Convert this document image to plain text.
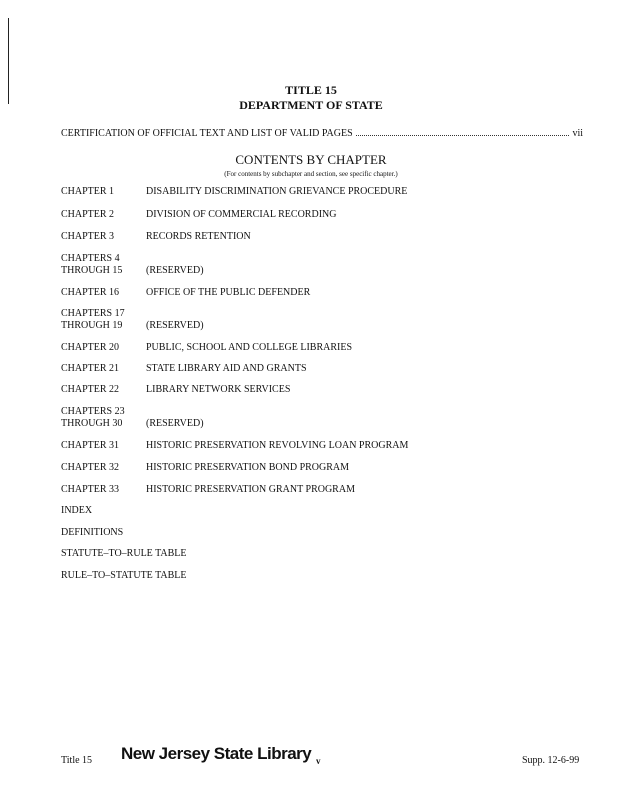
TITLE 15
DEPARTMENT OF STATE
CERTIFICATION OF OFFICIAL TEXT AND LIST OF VALID PAGES	vii
CONTENTS BY CHAPTER
(For contents by subchapter and section, see specific chapter.)
CHAPTER 1	DISABILITY DISCRIMINATION GRIEVANCE PROCEDURE
CHAPTER 2	DIVISION OF COMMERCIAL RECORDING
CHAPTER 3	RECORDS RETENTION
CHAPTERS 4
THROUGH 15	(RESERVED)
CHAPTER 16	OFFICE OF THE PUBLIC DEFENDER
CHAPTERS 17
THROUGH 19	(RESERVED)
CHAPTER 20	PUBLIC, SCHOOL AND COLLEGE LIBRARIES
CHAPTER 21	STATE LIBRARY AID AND GRANTS
CHAPTER 22	LIBRARY NETWORK SERVICES
CHAPTERS 23
THROUGH 30	(RESERVED)
CHAPTER 31	HISTORIC PRESERVATION REVOLVING LOAN PROGRAM
CHAPTER 32	HISTORIC PRESERVATION BOND PROGRAM
CHAPTER 33	HISTORIC PRESERVATION GRANT PROGRAM
INDEX
DEFINITIONS
STATUTE–TO–RULE TABLE
RULE–TO–STATUTE TABLE
Title 15 New Jersey State Library v	Supp. 12-6-99
